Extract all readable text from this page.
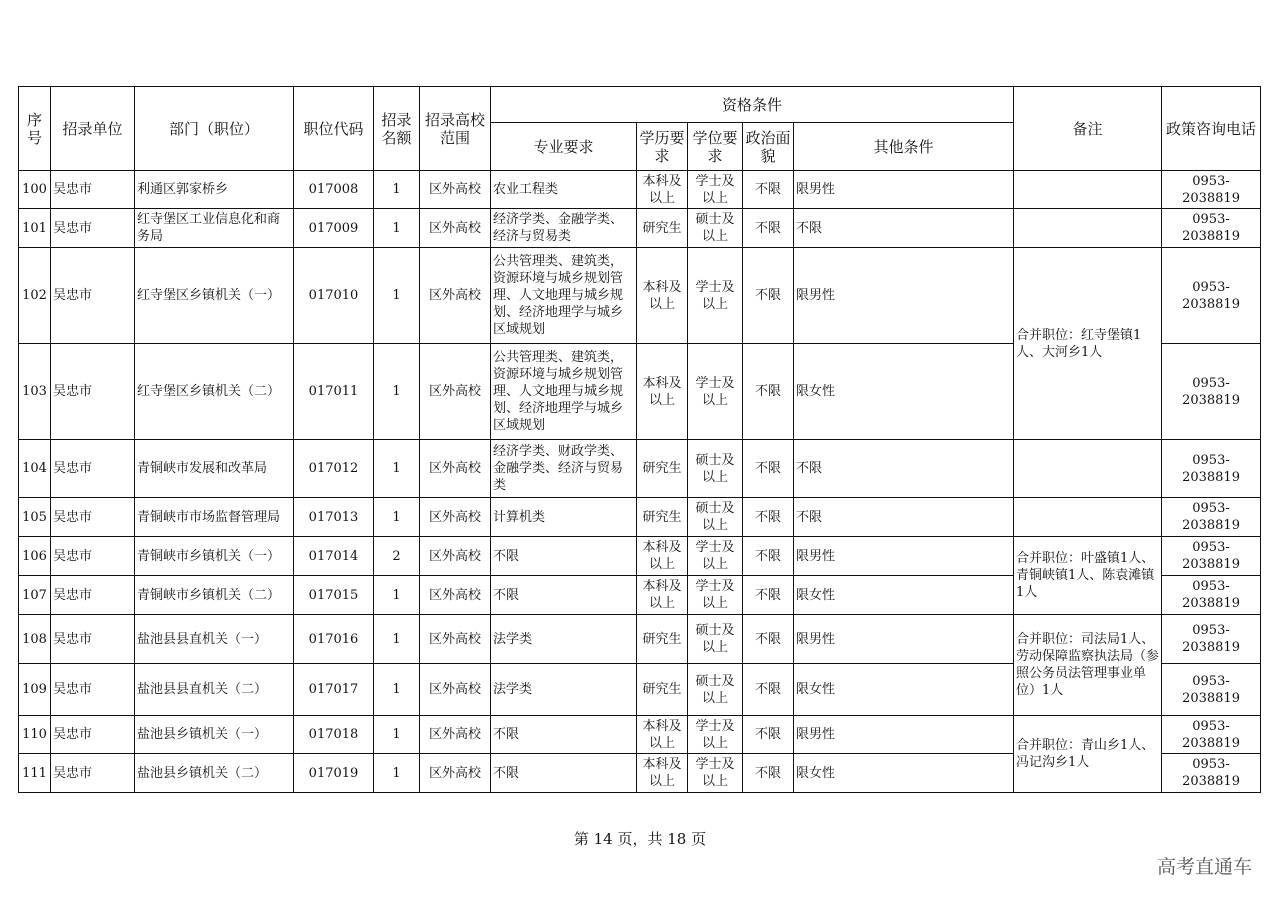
序号	招录单位	部门（职位）	职位代码	招录名额	招录高校范围	资格条件					备注	政策咨询电话
						专业要求	学历要求	学位要求	政治面貌	其他条件		
100	吴忠市	利通区郭家桥乡	017008	1	区外高校	农业工程类	本科及以上	学士及以上	不限	限男性		0953-2038819
101	吴忠市	红寺堡区工业信息化和商务局	017009	1	区外高校	经济学类、金融学类、经济与贸易类	研究生	硕士及以上	不限	不限		0953-2038819
102	吴忠市	红寺堡区乡镇机关（一）	017010	1	区外高校	公共管理类、建筑类，资源环境与城乡规划管理、人文地理与城乡规划、经济地理学与城乡区域规划	本科及以上	学士及以上	不限	限男性	合并职位：红寺堡镇1人、大河乡1人	0953-2038819
103	吴忠市	红寺堡区乡镇机关（二）	017011	1	区外高校	公共管理类、建筑类，资源环境与城乡规划管理、人文地理与城乡规划、经济地理学与城乡区域规划	本科及以上	学士及以上	不限	限女性		0953-2038819
104	吴忠市	青铜峡市发展和改革局	017012	1	区外高校	经济学类、财政学类、金融学类、经济与贸易类	研究生	硕士及以上	不限	不限		0953-2038819
105	吴忠市	青铜峡市市场监督管理局	017013	1	区外高校	计算机类	研究生	硕士及以上	不限	不限		0953-2038819
106	吴忠市	青铜峡市乡镇机关（一）	017014	2	区外高校	不限	本科及以上	学士及以上	不限	限男性	合并职位：叶盛镇1人、青铜峡镇1人、陈袁滩镇1人	0953-2038819
107	吴忠市	青铜峡市乡镇机关（二）	017015	1	区外高校	不限	本科及以上	学士及以上	不限	限女性		0953-2038819
108	吴忠市	盐池县县直机关（一）	017016	1	区外高校	法学类	研究生	硕士及以上	不限	限男性	合并职位：司法局1人、劳动保障监察执法局（参照公务员法管理事业单位）1人	0953-2038819
109	吴忠市	盐池县县直机关（二）	017017	1	区外高校	法学类	研究生	硕士及以上	不限	限女性		0953-2038819
110	吴忠市	盐池县乡镇机关（一）	017018	1	区外高校	不限	本科及以上	学士及以上	不限	限男性	合并职位：青山乡1人、冯记沟乡1人	0953-2038819
111	吴忠市	盐池县乡镇机关（二）	017019	1	区外高校	不限	本科及以上	学士及以上	不限	限女性		0953-2038819
第 14 页，共 18 页
高考直通车
